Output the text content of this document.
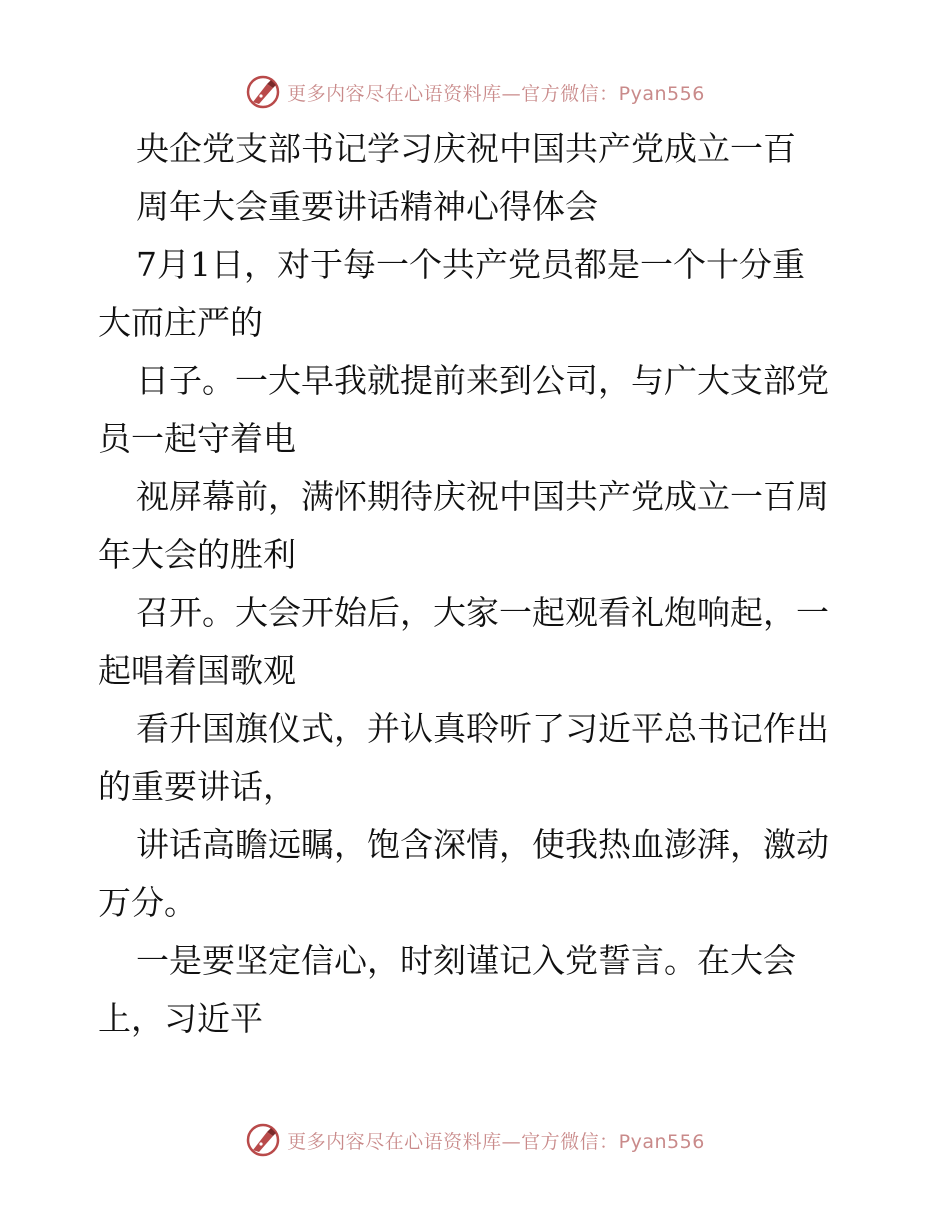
更多内容尽在心语资料库—官方微信：Pyan556
央企党支部书记学习庆祝中国共产党成立一百
周年大会重要讲话精神心得体会
7月1日，对于每一个共产党员都是一个十分重
大而庄严的
日子。一大早我就提前来到公司，与广大支部党
员一起守着电
视屏幕前，满怀期待庆祝中国共产党成立一百周
年大会的胜利
召开。大会开始后，大家一起观看礼炮响起，一
起唱着国歌观
看升国旗仪式，并认真聆听了习近平总书记作出
的重要讲话，
讲话高瞻远瞩，饱含深情，使我热血澎湃，激动
万分。
一是要坚定信心，时刻谨记入党誓言。在大会
上，习近平
更多内容尽在心语资料库—官方微信：Pyan556
